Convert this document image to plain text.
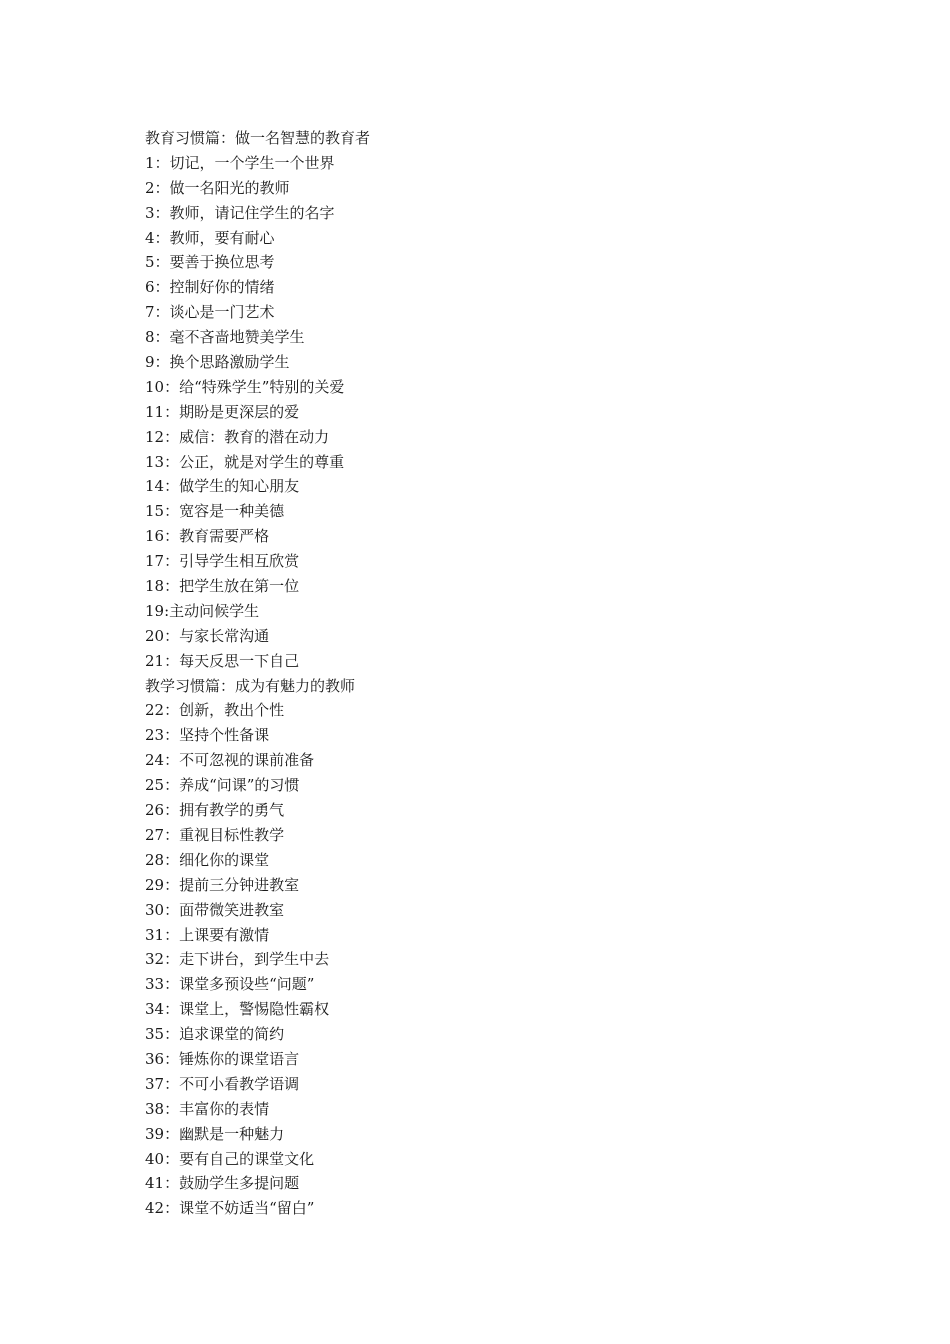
教育习惯篇：做一名智慧的教育者
1：切记，一个学生一个世界
2：做一名阳光的教师
3：教师，请记住学生的名字
4：教师，要有耐心
5：要善于换位思考
6：控制好你的情绪
7：谈心是一门艺术
8：毫不吝啬地赞美学生
9：换个思路激励学生
10：给“特殊学生”特别的关爱
11：期盼是更深层的爱
12：威信：教育的潜在动力
13：公正，就是对学生的尊重
14：做学生的知心朋友
15：宽容是一种美德
16：教育需要严格
17：引导学生相互欣赏
18：把学生放在第一位
19:主动问候学生
20：与家长常沟通
21：每天反思一下自己
教学习惯篇：成为有魅力的教师
22：创新，教出个性
23：坚持个性备课
24：不可忽视的课前准备
25：养成“问课”的习惯
26：拥有教学的勇气
27：重视目标性教学
28：细化你的课堂
29：提前三分钟进教室
30：面带微笑进教室
31：上课要有激情
32：走下讲台，到学生中去
33：课堂多预设些“问题”
34：课堂上，警惕隐性霸权
35：追求课堂的简约
36：锤炼你的课堂语言
37：不可小看教学语调
38：丰富你的表情
39：幽默是一种魅力
40：要有自己的课堂文化
41：鼓励学生多提问题
42：课堂不妨适当“留白”
